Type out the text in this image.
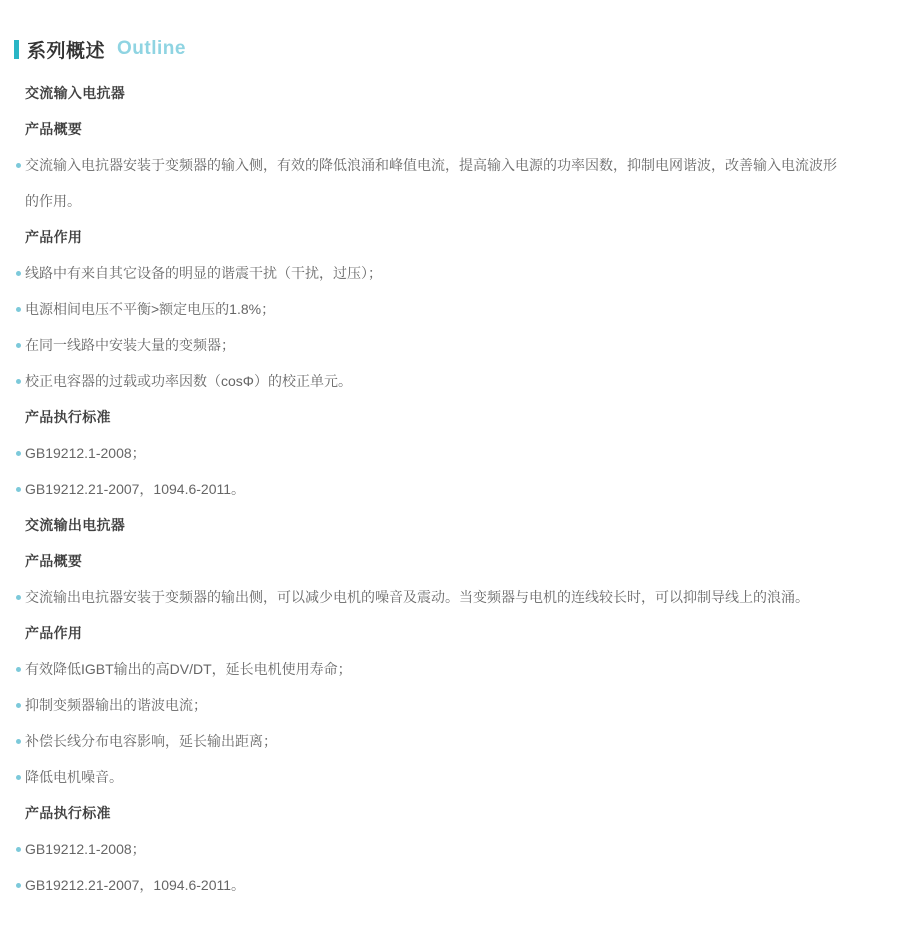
系列概述 Outline
交流输入电抗器
产品概要
交流输入电抗器安装于变频器的输入侧，有效的降低浪涌和峰值电流，提高输入电源的功率因数，抑制电网谐波，改善输入电流波形的作用。
产品作用
线路中有来自其它设备的明显的谐震干扰（干扰，过压）；
电源相间电压不平衡>额定电压的1.8%；
在同一线路中安装大量的变频器；
校正电容器的过载或功率因数（cosΦ）的校正单元。
产品执行标准
GB19212.1-2008；
GB19212.21-2007，1094.6-2011。
交流输出电抗器
产品概要
交流输出电抗器安装于变频器的输出侧，可以减少电机的噪音及震动。当变频器与电机的连线较长时，可以抑制导线上的浪涌。
产品作用
有效降低IGBT输出的高DV/DT，延长电机使用寿命；
抑制变频器输出的谐波电流；
补偿长线分布电容影响，延长输出距离；
降低电机噪音。
产品执行标准
GB19212.1-2008；
GB19212.21-2007，1094.6-2011。
